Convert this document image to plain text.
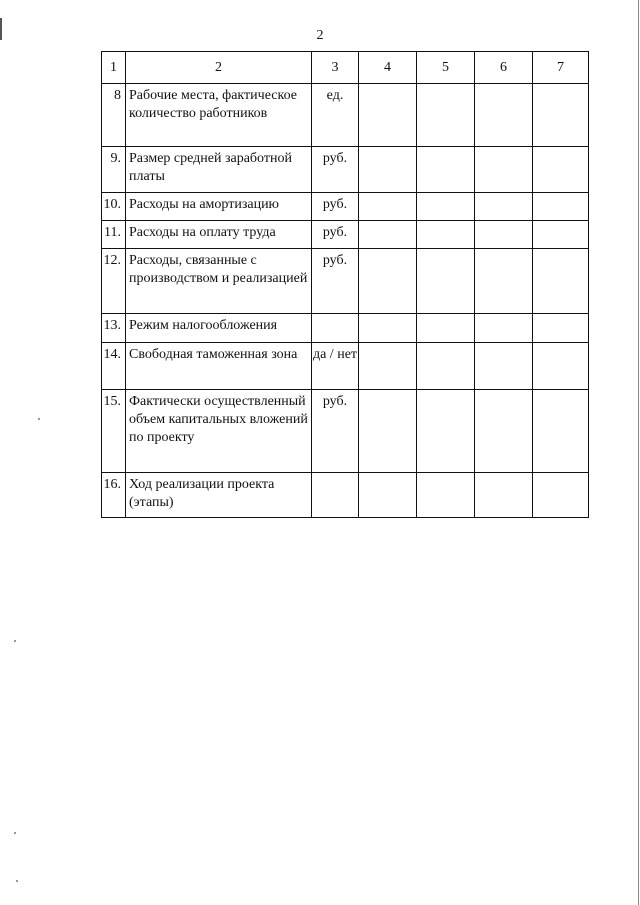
2
1	2	3	4	5	6	7
8	Рабочие места, фактическое количество работников	ед.				
9.	Размер средней заработной платы	руб.				
10.	Расходы на амортизацию	руб.				
11.	Расходы на оплату труда	руб.				
12.	Расходы, связанные с производством и реализацией	руб.				
13.	Режим налогообложения					
14.	Свободная таможенная зона	да / нет				
15.	Фактически осуществленный объем капитальных вложений по проекту	руб.				
16.	Ход реализации проекта (этапы)					
